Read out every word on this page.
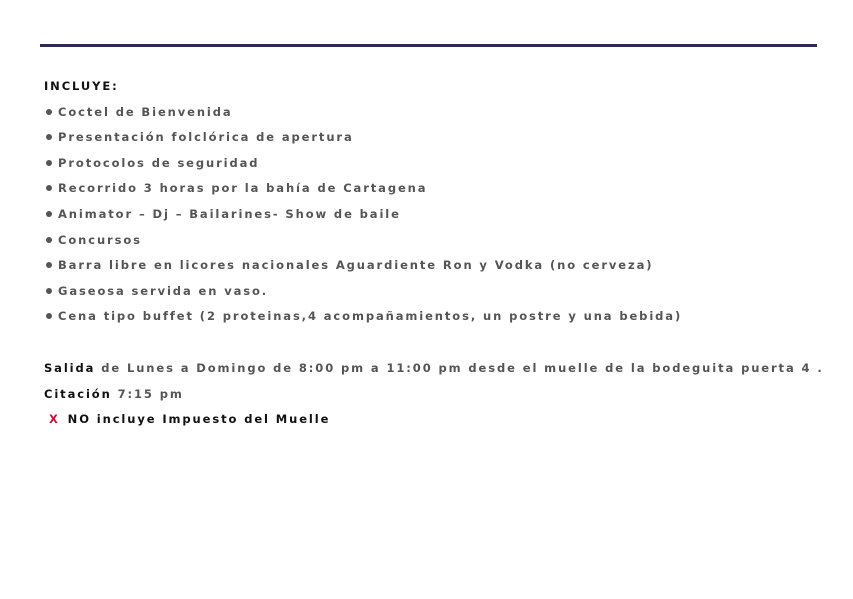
INCLUYE:
Coctel de Bienvenida
Presentación folclórica de apertura
Protocolos de seguridad
Recorrido 3 horas por la bahía de Cartagena
Animator – Dj – Bailarines- Show de baile
Concursos
Barra libre en licores nacionales Aguardiente Ron y Vodka (no cerveza)
Gaseosa servida en vaso.
Cena tipo buffet (2 proteinas,4 acompañamientos, un postre y una bebida)
Salida de Lunes a Domingo de 8:00 pm a 11:00 pm desde el muelle de la bodeguita puerta 4 .
Citación 7:15 pm
X NO incluye Impuesto del Muelle
